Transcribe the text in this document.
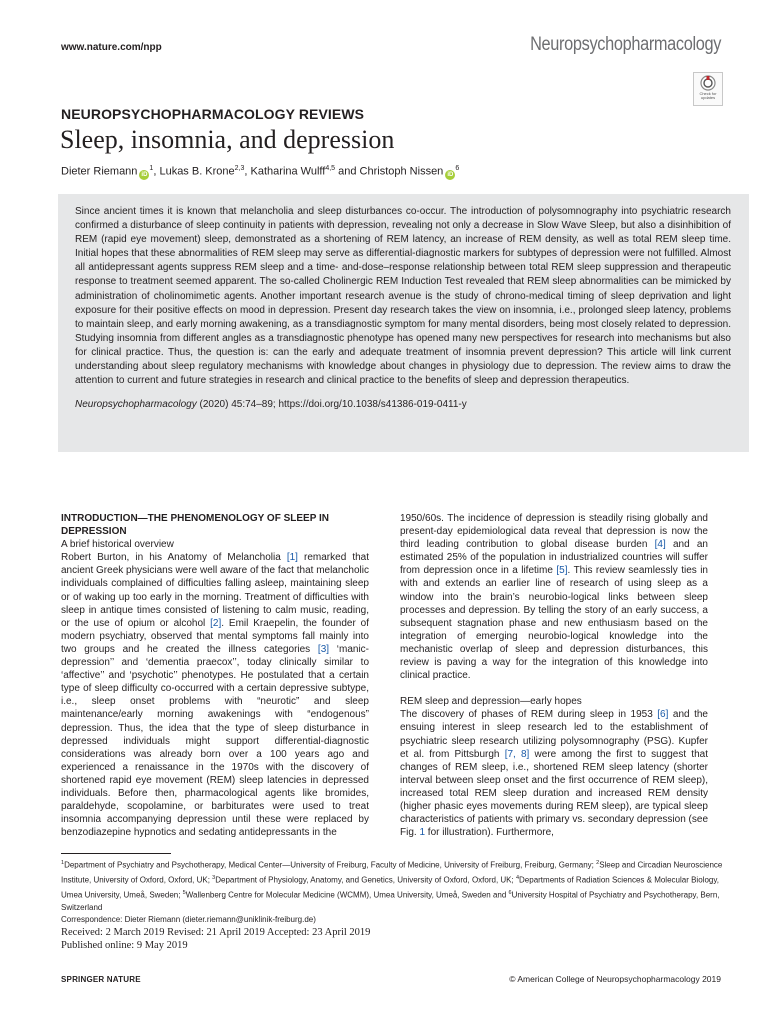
www.nature.com/npp	Neuropsychopharmacology
Check for updates
NEUROPSYCHOPHARMACOLOGY REVIEWS
Sleep, insomnia, and depression
Dieter Riemann $iD^1$, Lukas B. Krone$^{2,3}$, Katharina Wulff$^{4,5}$ and Christoph Nissen $iD^6$
Since ancient times it is known that melancholia and sleep disturbances co-occur. The introduction of polysomnography into psychiatric research confirmed a disturbance of sleep continuity in patients with depression, revealing not only a decrease in Slow Wave Sleep, but also a disinhibition of REM (rapid eye movement) sleep, demonstrated as a shortening of REM latency, an increase of REM density, as well as total REM sleep time. Initial hopes that these abnormalities of REM sleep may serve as differential-diagnostic markers for subtypes of depression were not fulfilled. Almost all antidepressant agents suppress REM sleep and a time- and-dose–response relationship between total REM sleep suppression and therapeutic response to treatment seemed apparent. The so-called Cholinergic REM Induction Test revealed that REM sleep abnormalities can be mimicked by administration of cholinomimetic agents. Another important research avenue is the study of chrono-medical timing of sleep deprivation and light exposure for their positive effects on mood in depression. Present day research takes the view on insomnia, i.e., prolonged sleep latency, problems to maintain sleep, and early morning awakening, as a transdiagnostic symptom for many mental disorders, being most closely related to depression. Studying insomnia from different angles as a transdiagnostic phenotype has opened many new perspectives for research into mechanisms but also for clinical practice. Thus, the question is: can the early and adequate treatment of insomnia prevent depression? This article will link current understanding about sleep regulatory mechanisms with knowledge about changes in physiology due to depression. The review aims to draw the attention to current and future strategies in research and clinical practice to the benefits of sleep and depression therapeutics.
Neuropsychopharmacology (2020) 45:74–89; https://doi.org/10.1038/s41386-019-0411-y
INTRODUCTION—THE PHENOMENOLOGY OF SLEEP IN DEPRESSION
A brief historical overview
Robert Burton, in his Anatomy of Melancholia [1] remarked that ancient Greek physicians were well aware of the fact that melancholic individuals complained of difficulties falling asleep, maintaining sleep or of waking up too early in the morning. Treatment of difficulties with sleep in antique times consisted of listening to calm music, reading, or the use of opium or alcohol [2]. Emil Kraepelin, the founder of modern psychiatry, observed that mental symptoms fall mainly into two groups and he created the illness categories [3] ‘manic-depression’’ and ‘dementia praecox’’, today clinically similar to ‘affective’’ and ‘psychotic’’ phenotypes. He postulated that a certain type of sleep difficulty co-occurred with a certain depressive subtype, i.e., sleep onset problems with “neurotic” and sleep maintenance/early morning awakenings with “endogenous” depression. Thus, the idea that the type of sleep disturbance in depressed individuals might support differential-diagnostic considerations was already born over a 100 years ago and experienced a renaissance in the 1970s with the discovery of shortened rapid eye movement (REM) sleep latencies in depressed individuals. Before then, pharmacological agents like bromides, paraldehyde, scopolamine, or barbiturates were used to treat insomnia accompanying depression until these were replaced by benzodiazepine hypnotics and sedating antidepressants in the
1950/60s. The incidence of depression is steadily rising globally and present-day epidemiological data reveal that depression is now the third leading contribution to global disease burden [4] and an estimated 25% of the population in industrialized countries will suffer from depression once in a lifetime [5]. This review seamlessly ties in with and extends an earlier line of research of using sleep as a window into the brain’s neurobio-logical links between sleep processes and depression. By telling the story of an early success, a subsequent stagnation phase and new enthusiasm based on the integration of emerging neurobio-logical knowledge into the mechanistic overlap of sleep and depression disturbances, this review is paving a way for the integration of this knowledge into clinical practice.
REM sleep and depression—early hopes
The discovery of phases of REM during sleep in 1953 [6] and the ensuing interest in sleep research led to the establishment of psychiatric sleep research utilizing polysomnography (PSG). Kupfer et al. from Pittsburgh [7, 8] were among the first to suggest that changes of REM sleep, i.e., shortened REM sleep latency (shorter interval between sleep onset and the first occurrence of REM sleep), increased total REM sleep duration and increased REM density (higher phasic eyes movements during REM sleep), are typical sleep characteristics of patients with primary vs. secondary depression (see Fig. 1 for illustration). Furthermore,
$^1$Department of Psychiatry and Psychotherapy, Medical Center—University of Freiburg, Faculty of Medicine, University of Freiburg, Freiburg, Germany; $^2$Sleep and Circadian Neuroscience Institute, University of Oxford, Oxford, UK; $^3$Department of Physiology, Anatomy, and Genetics, University of Oxford, Oxford, UK; $^4$Departments of Radiation Sciences & Molecular Biology, Umea University, Umeå, Sweden; $^5$Wallenberg Centre for Molecular Medicine (WCMM), Umea University, Umeå, Sweden and $^6$University Hospital of Psychiatry and Psychotherapy, Bern, Switzerland
Correspondence: Dieter Riemann (dieter.riemann@uniklinik-freiburg.de)
Received: 2 March 2019 Revised: 21 April 2019 Accepted: 23 April 2019
Published online: 9 May 2019
SPRINGER NATURE	© American College of Neuropsychopharmacology 2019
